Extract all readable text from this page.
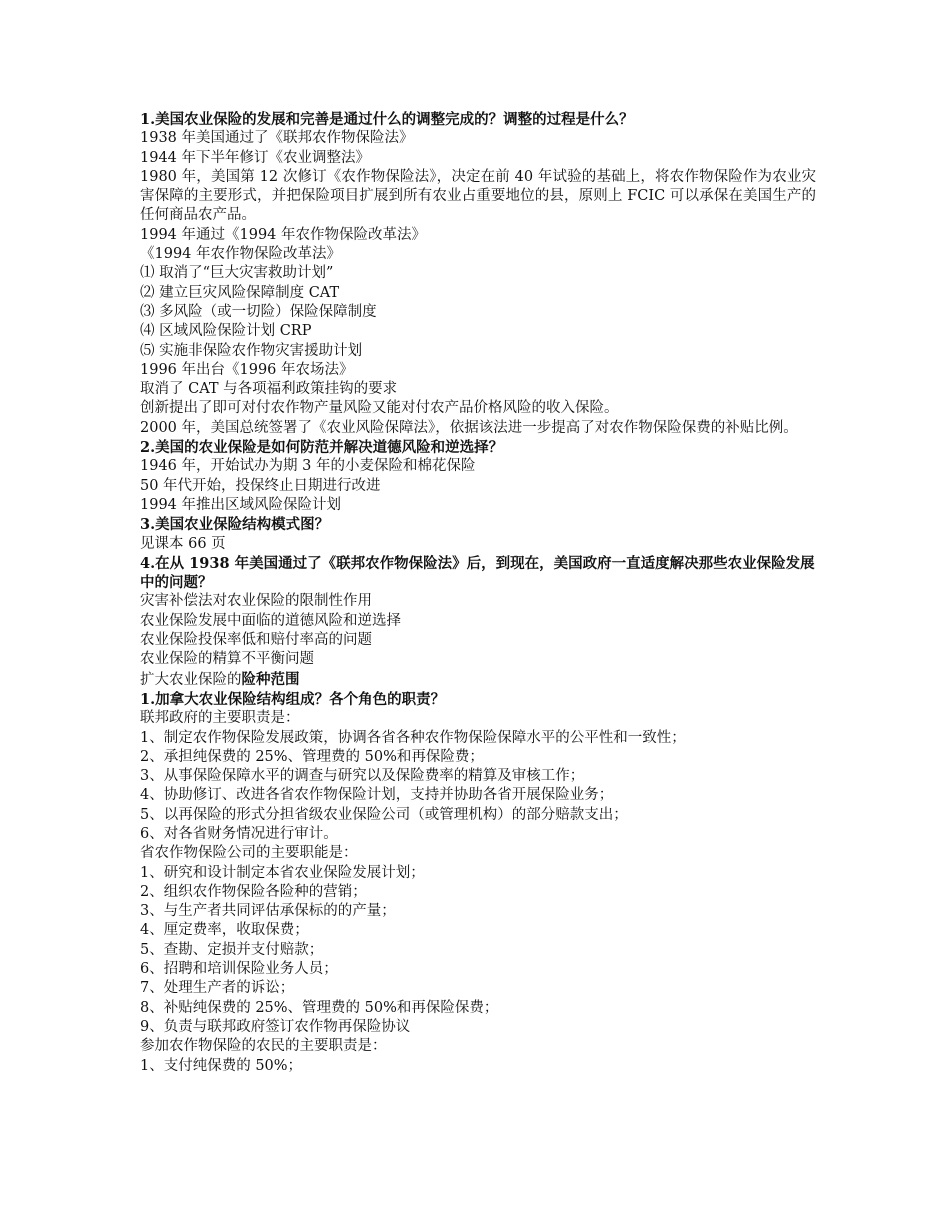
1.美国农业保险的发展和完善是通过什么的调整完成的？调整的过程是什么？

1938 年美国通过了《联邦农作物保险法》

1944 年下半年修订《农业调整法》

1980 年，美国第 12 次修订《农作物保险法》，决定在前 40 年试验的基础上，将农作物保险作为农业灾害保障的主要形式，并把保险项目扩展到所有农业占重要地位的县，原则上 FCIC 可以承保在美国生产的任何商品农产品。

1994 年通过《1994 年农作物保险改革法》

《1994 年农作物保险改革法》

⑴ 取消了“巨大灾害救助计划”

⑵ 建立巨灾风险保障制度 CAT

⑶ 多风险（或一切险）保险保障制度

⑷ 区域风险保险计划 CRP

⑸ 实施非保险农作物灾害援助计划

1996 年出台《1996 年农场法》

取消了 CAT 与各项福利政策挂钩的要求

创新提出了即可对付农作物产量风险又能对付农产品价格风险的收入保险。

2000 年，美国总统签署了《农业风险保障法》，依据该法进一步提高了对农作物保险保费的补贴比例。

2.美国的农业保险是如何防范并解决道德风险和逆选择？

1946 年，开始试办为期 3 年的小麦保险和棉花保险

50 年代开始，投保终止日期进行改进

1994 年推出区域风险保险计划

3.美国农业保险结构模式图？

见课本 66 页

4.在从 1938 年美国通过了《联邦农作物保险法》后，到现在，美国政府一直适度解决那些农业保险发展中的问题？

灾害补偿法对农业保险的限制性作用

农业保险发展中面临的道德风险和逆选择

农业保险投保率低和赔付率高的问题

农业保险的精算不平衡问题

扩大农业保险的险种范围

1.加拿大农业保险结构组成？各个角色的职责？

联邦政府的主要职责是：

1、制定农作物保险发展政策，协调各省各种农作物保险保障水平的公平性和一致性；

2、承担纯保费的 25%、管理费的 50%和再保险费；

3、从事保险保障水平的调查与研究以及保险费率的精算及审核工作；

4、协助修订、改进各省农作物保险计划，支持并协助各省开展保险业务；

5、以再保险的形式分担省级农业保险公司（或管理机构）的部分赔款支出；

6、对各省财务情况进行审计。

省农作物保险公司的主要职能是：

1、研究和设计制定本省农业保险发展计划；

2、组织农作物保险各险种的营销；

3、与生产者共同评估承保标的的产量；

4、厘定费率，收取保费；

5、查勘、定损并支付赔款；

6、招聘和培训保险业务人员；

7、处理生产者的诉讼；

8、补贴纯保费的 25%、管理费的 50%和再保险保费；

9、负责与联邦政府签订农作物再保险协议

参加农作物保险的农民的主要职责是：

1、支付纯保费的 50%；
